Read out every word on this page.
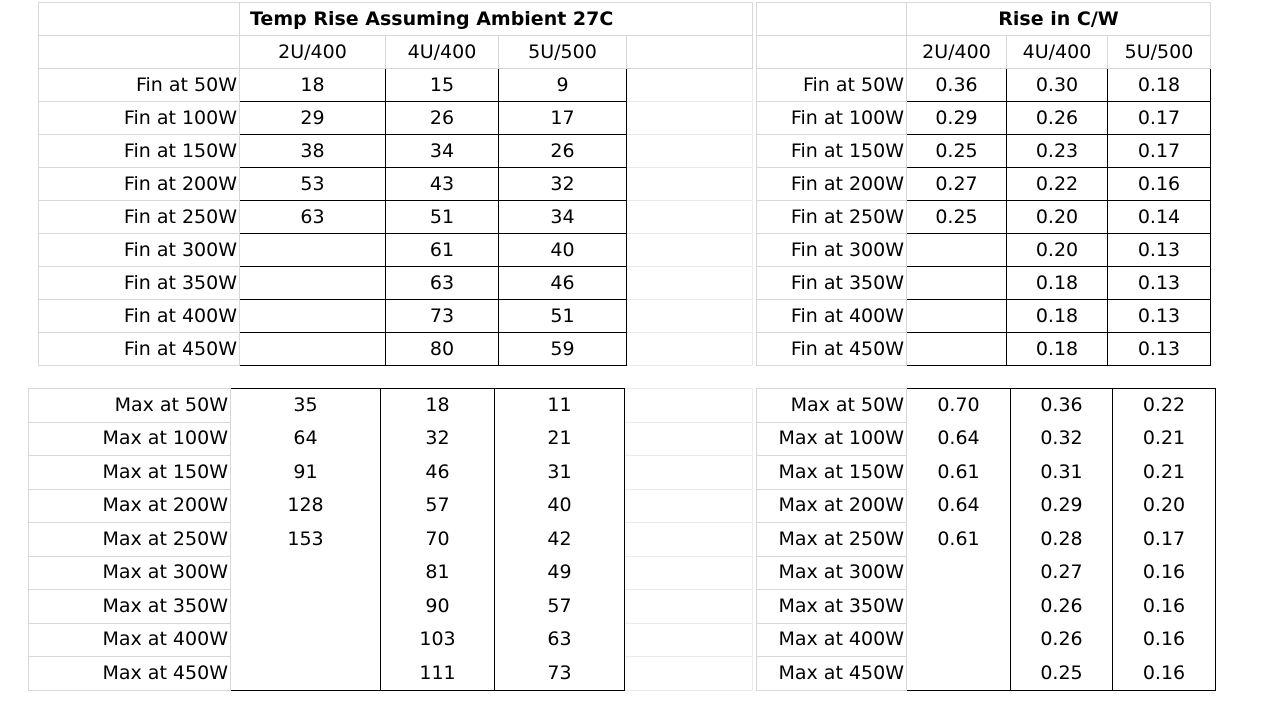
	Temp Rise Assuming Ambient 27C			
	2U/400	4U/400	5U/500	
Fin at 50W	18	15	9	
Fin at 100W	29	26	17	
Fin at 150W	38	34	26	
Fin at 200W	53	43	32	
Fin at 250W	63	51	34	
Fin at 300W		61	40	
Fin at 350W		63	46	
Fin at 400W		73	51	
Fin at 450W		80	59	
	Rise in C/W		
	2U/400	4U/400	5U/500
Fin at 50W	0.36	0.30	0.18
Fin at 100W	0.29	0.26	0.17
Fin at 150W	0.25	0.23	0.17
Fin at 200W	0.27	0.22	0.16
Fin at 250W	0.25	0.20	0.14
Fin at 300W		0.20	0.13
Fin at 350W		0.18	0.13
Fin at 400W		0.18	0.13
Fin at 450W		0.18	0.13
Max at 50W	35	18	11	
Max at 100W	64	32	21	
Max at 150W	91	46	31	
Max at 200W	128	57	40	
Max at 250W	153	70	42	
Max at 300W		81	49	
Max at 350W		90	57	
Max at 400W		103	63	
Max at 450W		111	73	
Max at 50W	0.70	0.36	0.22
Max at 100W	0.64	0.32	0.21
Max at 150W	0.61	0.31	0.21
Max at 200W	0.64	0.29	0.20
Max at 250W	0.61	0.28	0.17
Max at 300W		0.27	0.16
Max at 350W		0.26	0.16
Max at 400W		0.26	0.16
Max at 450W		0.25	0.16
